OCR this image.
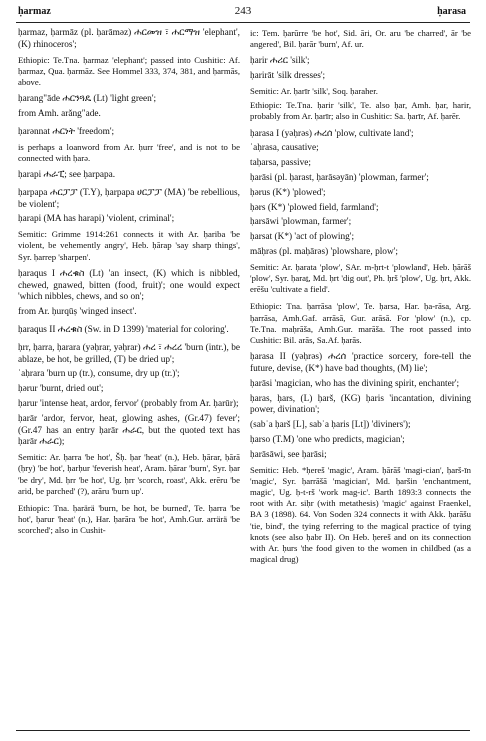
ḥarmaz	243	ḥarasa

ḥarmaz, ḥarmāz (pl. ḥarāmǝz) ሐርመዝ ፣ ሐርማዝ 'elephant', (K) rhinoceros';

Ethiopic: Te.Tna. ḥarmaz 'elephant'; passed into Cushitic: Af. ḥarmaz, Qua. ḥarmāz. See Hommel 333, 374, 381, and ḥarmās, above.

ḥarang"āde ሐርንጓዴ (Lt) 'light green';

from Amh. arǎng"ade.

ḥarǝnnat ሐርነት 'freedom';

is perhaps a loanword from Ar. ḥurr 'free', and is not to be connected with ḥarǝ.

ḥarapi ሐራፒ; see ḥarpapa.

ḥarpapa ሐርፓፓ (T.Y), ḥarpapa ሀርፓፓ (MA) 'be rebellious, be violent';

ḥarapi (MA has harapi) 'violent, criminal';

Semitic: Grimme 1914:261 connects it with Ar. ḥariba 'be violent, be vehemently angry', Heb. ḥārap 'say sharp things', Syr. ḥarrep 'sharpen'.

ḥaraqus I ሐረቁስ (Lt) 'an insect, (K) which is nibbled, chewed, gnawed, bitten (food, fruit)'; one would expect 'which nibbles, chews, and so on';

from Ar. ḥurqūṣ 'winged insect'.

ḥaraqus II ሐረቁስ (Sw. in D 1399) 'material for coloring'.

ḥrr, ḥarra, ḥarara (yǝḥrar, yǝḥrar) ሐረ ፣ ሐረረ 'burn (intr.), be ablaze, be hot, be grilled, (T) be dried up';

ʾaḥrara 'burn up (tr.), consume, dry up (tr.)';

ḥǝrur 'burnt, dried out';

ḥarur 'intense heat, ardor, fervor' (probably from Ar. ḥarūr);

ḥarār 'ardor, fervor, heat, glowing ashes, (Gr.47) fever'; (Gr.47 has an entry ḥarār ሐራር, but the quoted text has ḥarār ሐራር);

Semitic: Ar. ḥarra 'be hot', Šḥ. ḥar 'heat' (n.), Heb. ḥārar, ḥārā (ḥry) 'be hot', ḥarḥur 'feverish heat', Aram. ḥārar 'burn', Syr. ḥar 'be dry', Md. ḥrr 'be hot', Ug. ḥrr 'scorch, roast', Akk. erēru 'be arid, be parched' (?), arāru 'burn up'.

Ethiopic: Tna. ḥarärä 'burn, be hot, be burned', Te. ḥarra 'be hot', ḥarur 'heat' (n.), Har. ḥarāra 'be hot', Amh.Gur. arrärä 'be scorched'; also in Cushit-

ic: Tem. ḥarūrre 'be hot', Sid. āri, Or. aru 'be charred', ār 'be angered', Bil. ḥarār 'burn', Af. ur.

ḥarir ሐሪር 'silk';

ḥarirāt 'silk dresses';

Semitic: Ar. ḥarīr 'silk', Soq. ḥaraher.

Ethiopic: Te.Tna. ḥarir 'silk', Te. also ḥar, Amh. ḥar, harir, probably from Ar. ḥarīr; also in Cushitic: Sa. ḥarīr, Af. ḥarēr.

ḥarasa I (yǝḥrǝs) ሐረሰ 'plow, cultivate land';

ʾaḥrasa, causative;

taḥarsa, passive;

ḥarāsi (pl. ḥarast, ḥarāsǝyān) 'plowman, farmer';

ḥǝrus (K*) 'plowed';

ḥǝrs (K*) 'plowed field, farmland';

ḥarsāwi 'plowman, farmer';

ḥarsat (K*) 'act of plowing';

māḥrǝs (pl. maḥārǝs) 'plowshare, plow';

Semitic: Ar. ḥarata 'plow', SAr. m-ḥrt-t 'plowland', Heb. ḥārāš 'plow', Syr. ḥaraṯ, Md. ḥrt 'dig out', Ph. ḥrš 'plow', Ug. ḥrt, Akk. erēšu 'cultivate a field'.

Ethiopic: Tna. ḥarrāsa 'plow', Te. ḥarsa, Har. ḥa-rāsa, Arg. ḥarrāsa, Amh.Gaf. arrāsā, Gur. arāsā. For 'plow' (n.), cp. Te.Tna. maḥrāša, Amh.Gur. marāša. The root passed into Cushitic: Bil. arās, Sa.Af. ḥarās.

ḥarasa II (yǝḥrǝs) ሐረሰ 'practice sorcery, fore-tell the future, devise, (K*) have bad thoughts, (M) lie';

ḥarāsi 'magician, who has the divining spirit, enchanter';

ḥaras, ḥars, (L) ḥarš, (KG) ḥaris 'incantation, divining power, divination';

(sabʾa ḥarš [L], sabʾa ḥaris [Lt]) 'diviners');

ḥarso (T.M) 'one who predicts, magician';

ḥarāsāwi, see ḥarāsi;

Semitic: Heb. *ḥereš 'magic', Aram. ḥārāš 'magi-cian', ḥarš-īn 'magic', Syr. ḥarrāšā 'magician', Md. ḥaršin 'enchantment, magic', Ug. ḥ-t-rš 'work mag-ic'. Barth 1893:3 connects the root with Ar. siḥr (with metathesis) 'magic' against Fraenkel, BA 3 (1898). 64. Von Soden 324 connects it with Akk. ḥarāšu 'tie, bind', the tying referring to the magical practice of tying knots (see also ḥabr II). On Heb. ḥereš and on its connection with Ar. ḥurs 'the food given to the women in childbed (as a magical drug)
